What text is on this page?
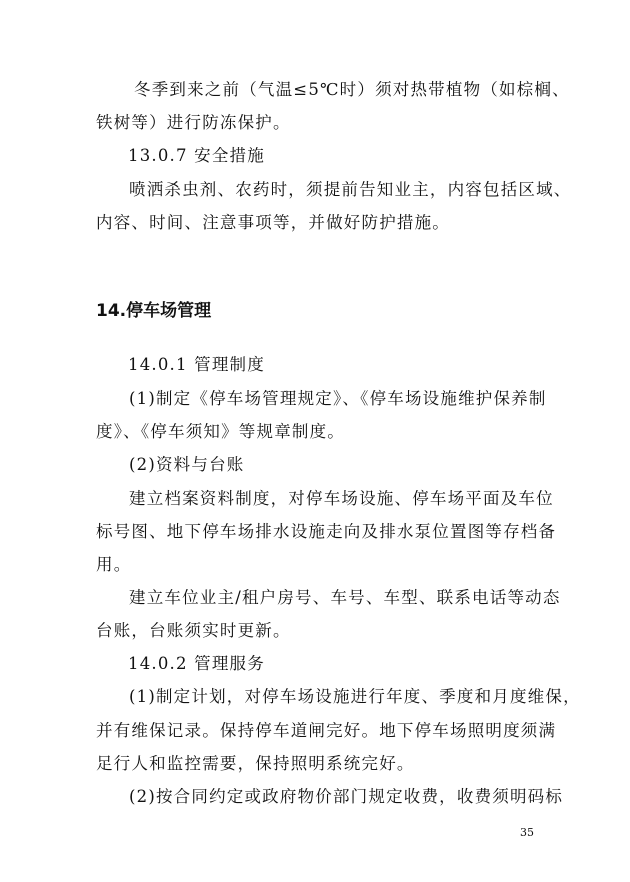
冬季到来之前（气温≤5℃时）须对热带植物（如棕榈、
铁树等）进行防冻保护。
13.0.7 安全措施
喷洒杀虫剂、农药时，须提前告知业主，内容包括区域、
内容、时间、注意事项等，并做好防护措施。
14.停车场管理
14.0.1 管理制度
(1)制定《停车场管理规定》、《停车场设施维护保养制
度》、《停车须知》等规章制度。
(2)资料与台账
建立档案资料制度，对停车场设施、停车场平面及车位
标号图、地下停车场排水设施走向及排水泵位置图等存档备
用。
建立车位业主/租户房号、车号、车型、联系电话等动态
台账，台账须实时更新。
14.0.2 管理服务
(1)制定计划，对停车场设施进行年度、季度和月度维保，
并有维保记录。保持停车道闸完好。地下停车场照明度须满
足行人和监控需要，保持照明系统完好。
(2)按合同约定或政府物价部门规定收费，收费须明码标
35
